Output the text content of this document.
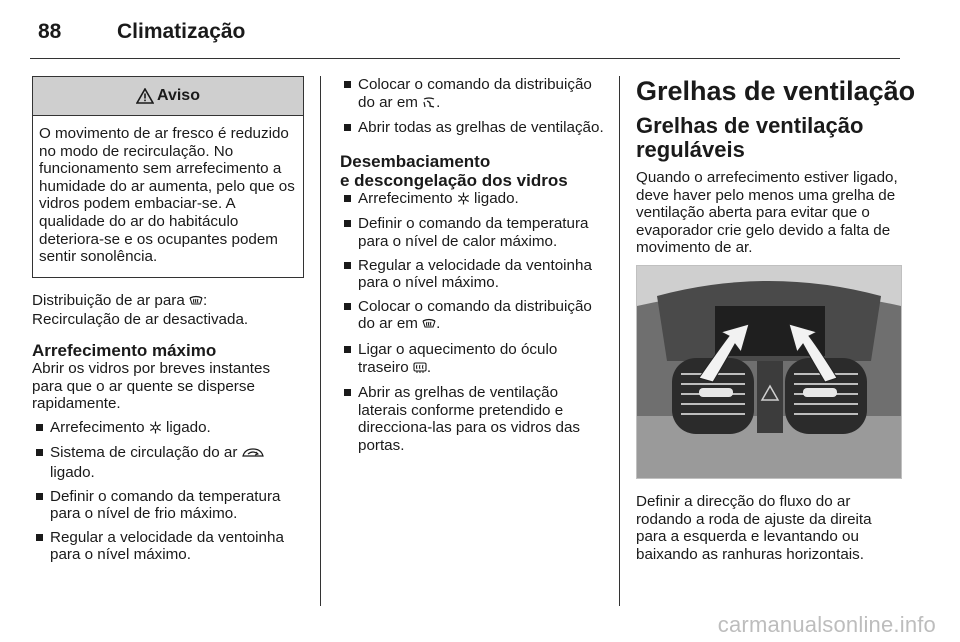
88	Climatização
Aviso

O movimento de ar fresco é reduzido no modo de recirculação. No funcionamento sem arrefecimento a humidade do ar aumenta, pelo que os vidros podem embaciar-se. A qualidade do ar do habitáculo deteriora-se e os ocupantes podem sentir sonolência.

Distribuição de ar para :
Recirculação de ar desactivada.

Arrefecimento máximo

Abrir os vidros por breves instantes para que o ar quente se disperse rapidamente.

Arrefecimento ligado.
Sistema de circulação do ar
ligado.
Definir o comando da temperatura para o nível de frio máximo.
Regular a velocidade da ventoinha para o nível máximo.
Colocar o comando da distribuição do ar em .
Abrir todas as grelhas de ventilação.
Desembaciamento
e descongelação dos vidros
Arrefecimento ligado.
Definir o comando da temperatura para o nível de calor máximo.
Regular a velocidade da ventoinha para o nível máximo.
Colocar o comando da distribuição do ar em .
Ligar o aquecimento do óculo traseiro .
Abrir as grelhas de ventilação laterais conforme pretendido e direcciona-las para os vidros das portas.
Grelhas de ventilação
Grelhas de ventilação reguláveis

Quando o arrefecimento estiver ligado, deve haver pelo menos uma grelha de ventilação aberta para evitar que o evaporador crie gelo devido a falta de movimento de ar.

Definir a direcção do fluxo do ar rodando a roda de ajuste da direita para a esquerda e levantando ou baixando as ranhuras horizontais.

carmanualsonline.info
